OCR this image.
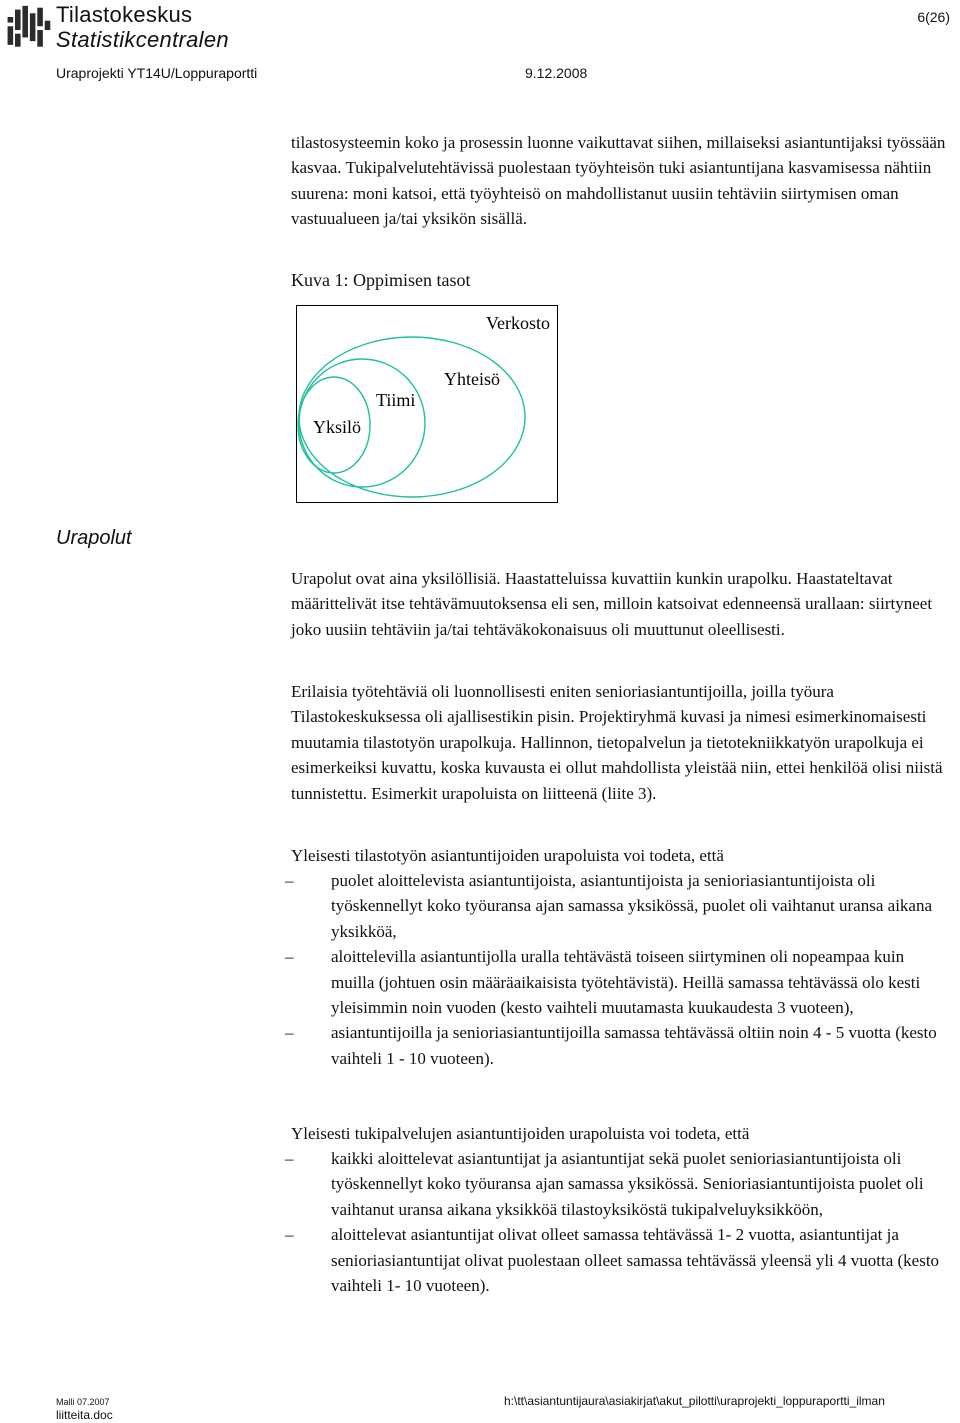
Tilastokeskus
Statistikcentralen
6(26)
Uraprojekti YT14U/Loppuraportti	9.12.2008

tilastosysteemin koko ja prosessin luonne vaikuttavat siihen, millaiseksi asiantuntijaksi työssään kasvaa. Tukipalvelutehtävissä puolestaan työyhteisön tuki asiantuntijana kasvamisessa nähtiin suurena: moni katsoi, että työyhteisö on mahdollistanut uusiin tehtäviin siirtymisen oman vastuualueen ja/tai yksikön sisällä.

Kuva 1: Oppimisen tasot
Verkosto
Yhteisö
Tiimi
Yksilö
Urapolut

Urapolut ovat aina yksilöllisiä. Haastatteluissa kuvattiin kunkin urapolku. Haastateltavat määrittelivät itse tehtävämuutoksensa eli sen, milloin katsoivat edenneensä urallaan: siirtyneet joko uusiin tehtäviin ja/tai tehtäväkokonaisuus oli muuttunut oleellisesti.

Erilaisia työtehtäviä oli luonnollisesti eniten senioriasiantuntijoilla, joilla työura Tilastokeskuksessa oli ajallisestikin pisin. Projektiryhmä kuvasi ja nimesi esimerkinomaisesti muutamia tilastotyön urapolkuja. Hallinnon, tietopalvelun ja tietotekniikkatyön urapolkuja ei esimerkeiksi kuvattu, koska kuvausta ei ollut mahdollista yleistää niin, ettei henkilöä olisi niistä tunnistettu. Esimerkit urapoluista on liitteenä (liite 3).

Yleisesti tilastotyön asiantuntijoiden urapoluista voi todeta, että

–	puolet aloittelevista asiantuntijoista, asiantuntijoista ja senioriasiantuntijoista oli työskennellyt koko työuransa ajan samassa yksikössä, puolet oli vaihtanut uransa aikana yksikköä,
–	aloittelevilla asiantuntijolla uralla tehtävästä toiseen siirtyminen oli nopeampaa kuin muilla (johtuen osin määräaikaisista työtehtävistä). Heillä samassa tehtävässä olo kesti yleisimmin noin vuoden (kesto vaihteli muutamasta kuukaudesta 3 vuoteen),
–	asiantuntijoilla ja senioriasiantuntijoilla samassa tehtävässä oltiin noin 4 - 5 vuotta (kesto vaihteli 1 - 10 vuoteen).

Yleisesti tukipalvelujen asiantuntijoiden urapoluista voi todeta, että

–	kaikki aloittelevat asiantuntijat ja asiantuntijat sekä puolet senioriasiantuntijoista oli työskennellyt koko työuransa ajan samassa yksikössä. Senioriasiantuntijoista puolet oli vaihtanut uransa aikana yksikköä tilastoyksiköstä tukipalveluyksikköön,
–	aloittelevat asiantuntijat olivat olleet samassa tehtävässä 1- 2 vuotta, asiantuntijat ja senioriasiantuntijat olivat puolestaan olleet samassa tehtävässä yleensä yli 4 vuotta (kesto vaihteli 1- 10 vuoteen).
Malli 07.2007
liitteita.doc
h:\tt\asiantuntijaura\asiakirjat\akut_pilotti\uraprojekti_loppuraportti_ilman
